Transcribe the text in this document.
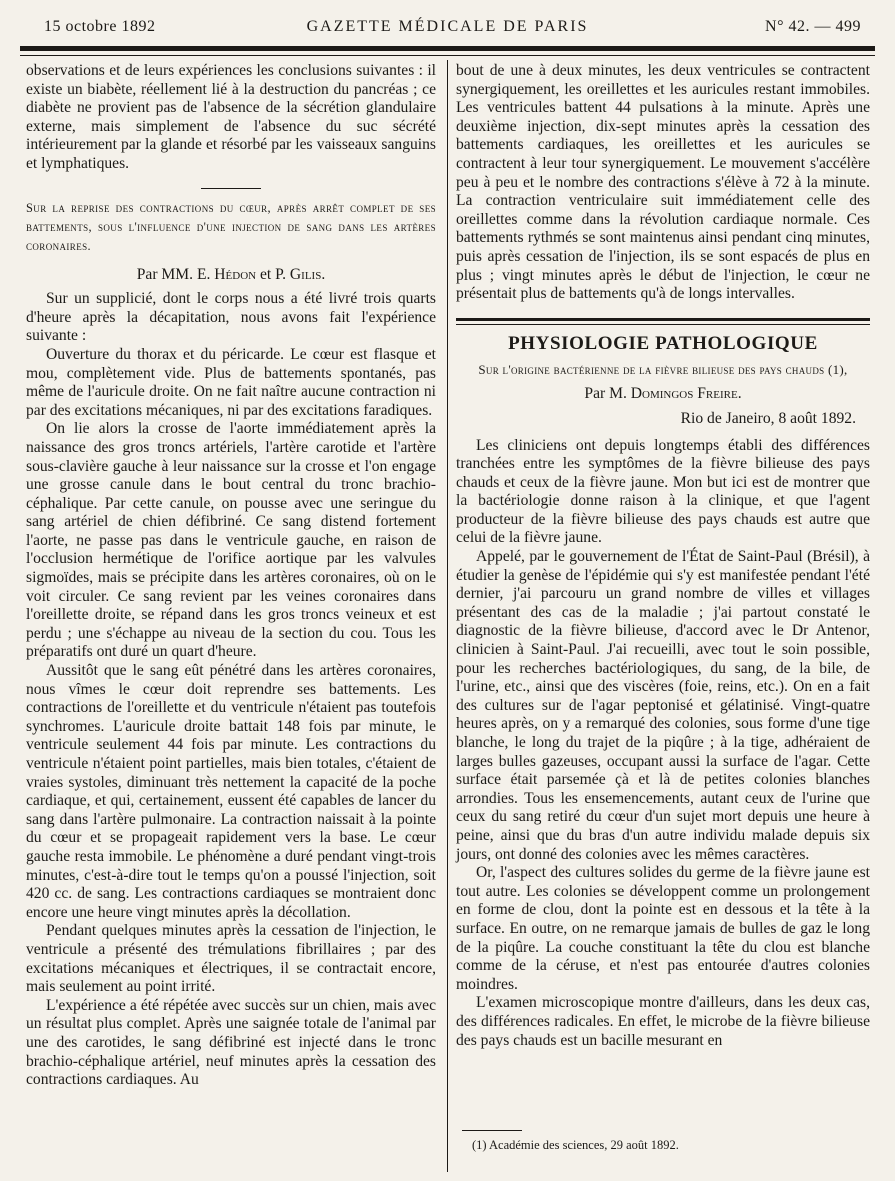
15 octobre 1892	GAZETTE MÉDICALE DE PARIS	N° 42. — 499

observations et de leurs expériences les conclusions suivantes : il existe un biabète, réellement lié à la destruction du pancréas ; ce diabète ne provient pas de l'absence de la sécrétion glandulaire externe, mais simplement de l'absence du suc sécrété intérieurement par la glande et résorbé par les vaisseaux sanguins et lymphatiques.

Sur la reprise des contractions du cœur, après arrêt complet de ses battements, sous l'influence d'une injection de sang dans les artères coronaires.
Par MM. E. Hédon et P. Gilis.

Sur un supplicié, dont le corps nous a été livré trois quarts d'heure après la décapitation, nous avons fait l'expérience suivante :

Ouverture du thorax et du péricarde. Le cœur est flasque et mou, complètement vide. Plus de battements spontanés, pas même de l'auricule droite. On ne fait naître aucune contraction ni par des excitations mécaniques, ni par des excitations faradiques.

On lie alors la crosse de l'aorte immédiatement après la naissance des gros troncs artériels, l'artère carotide et l'artère sous-clavière gauche à leur naissance sur la crosse et l'on engage une grosse canule dans le bout central du tronc brachio-céphalique. Par cette canule, on pousse avec une seringue du sang artériel de chien défibriné. Ce sang distend fortement l'aorte, ne passe pas dans le ventricule gauche, en raison de l'occlusion hermétique de l'orifice aortique par les valvules sigmoïdes, mais se précipite dans les artères coronaires, où on le voit circuler. Ce sang revient par les veines coronaires dans l'oreillette droite, se répand dans les gros troncs veineux et est perdu ; une s'échappe au niveau de la section du cou. Tous les préparatifs ont duré un quart d'heure.

Aussitôt que le sang eût pénétré dans les artères coronaires, nous vîmes le cœur doit reprendre ses battements. Les contractions de l'oreillette et du ventricule n'étaient pas toutefois synchromes. L'auricule droite battait 148 fois par minute, le ventricule seulement 44 fois par minute. Les contractions du ventricule n'étaient point partielles, mais bien totales, c'étaient de vraies systoles, diminuant très nettement la capacité de la poche cardiaque, et qui, certainement, eussent été capables de lancer du sang dans l'artère pulmonaire. La contraction naissait à la pointe du cœur et se propageait rapidement vers la base. Le cœur gauche resta immobile. Le phénomène a duré pendant vingt-trois minutes, c'est-à-dire tout le temps qu'on a poussé l'injection, soit 420 cc. de sang. Les contractions cardiaques se montraient donc encore une heure vingt minutes après la décollation.

Pendant quelques minutes après la cessation de l'injection, le ventricule a présenté des trémulations fibrillaires ; par des excitations mécaniques et électriques, il se contractait encore, mais seulement au point irrité.

L'expérience a été répétée avec succès sur un chien, mais avec un résultat plus complet. Après une saignée totale de l'animal par une des carotides, le sang défibriné est injecté dans le tronc brachio-céphalique artériel, neuf minutes après la cessation des contractions cardiaques. Au

bout de une à deux minutes, les deux ventricules se contractent synergiquement, les oreillettes et les auricules restant immobiles. Les ventricules battent 44 pulsations à la minute. Après une deuxième injection, dix-sept minutes après la cessation des battements cardiaques, les oreillettes et les auricules se contractent à leur tour synergiquement. Le mouvement s'accélère peu à peu et le nombre des contractions s'élève à 72 à la minute. La contraction ventriculaire suit immédiatement celle des oreillettes comme dans la révolution cardiaque normale. Ces battements rythmés se sont maintenus ainsi pendant cinq minutes, puis après cessation de l'injection, ils se sont espacés de plus en plus ; vingt minutes après le début de l'injection, le cœur ne présentait plus de battements qu'à de longs intervalles.

PHYSIOLOGIE PATHOLOGIQUE
Sur l'origine bactérienne de la fièvre bilieuse des pays chauds (1),
Par M. Domingos Freire.
Rio de Janeiro, 8 août 1892.

Les cliniciens ont depuis longtemps établi des différences tranchées entre les symptômes de la fièvre bilieuse des pays chauds et ceux de la fièvre jaune. Mon but ici est de montrer que la bactériologie donne raison à la clinique, et que l'agent producteur de la fièvre bilieuse des pays chauds est autre que celui de la fièvre jaune.

Appelé, par le gouvernement de l'État de Saint-Paul (Brésil), à étudier la genèse de l'épidémie qui s'y est manifestée pendant l'été dernier, j'ai parcouru un grand nombre de villes et villages présentant des cas de la maladie ; j'ai partout constaté le diagnostic de la fièvre bilieuse, d'accord avec le Dr Antenor, clinicien à Saint-Paul. J'ai recueilli, avec tout le soin possible, pour les recherches bactériologiques, du sang, de la bile, de l'urine, etc., ainsi que des viscères (foie, reins, etc.). On en a fait des cultures sur de l'agar peptonisé et gélatinisé. Vingt-quatre heures après, on y a remarqué des colonies, sous forme d'une tige blanche, le long du trajet de la piqûre ; à la tige, adhéraient de larges bulles gazeuses, occupant aussi la surface de l'agar. Cette surface était parsemée çà et là de petites colonies blanches arrondies. Tous les ensemencements, autant ceux de l'urine que ceux du sang retiré du cœur d'un sujet mort depuis une heure à peine, ainsi que du bras d'un autre individu malade depuis six jours, ont donné des colonies avec les mêmes caractères.

Or, l'aspect des cultures solides du germe de la fièvre jaune est tout autre. Les colonies se développent comme un prolongement en forme de clou, dont la pointe est en dessous et la tête à la surface. En outre, on ne remarque jamais de bulles de gaz le long de la piqûre. La couche constituant la tête du clou est blanche comme de la céruse, et n'est pas entourée d'autres colonies moindres.

L'examen microscopique montre d'ailleurs, dans les deux cas, des différences radicales. En effet, le microbe de la fièvre bilieuse des pays chauds est un bacille mesurant en

(1) Académie des sciences, 29 août 1892.
